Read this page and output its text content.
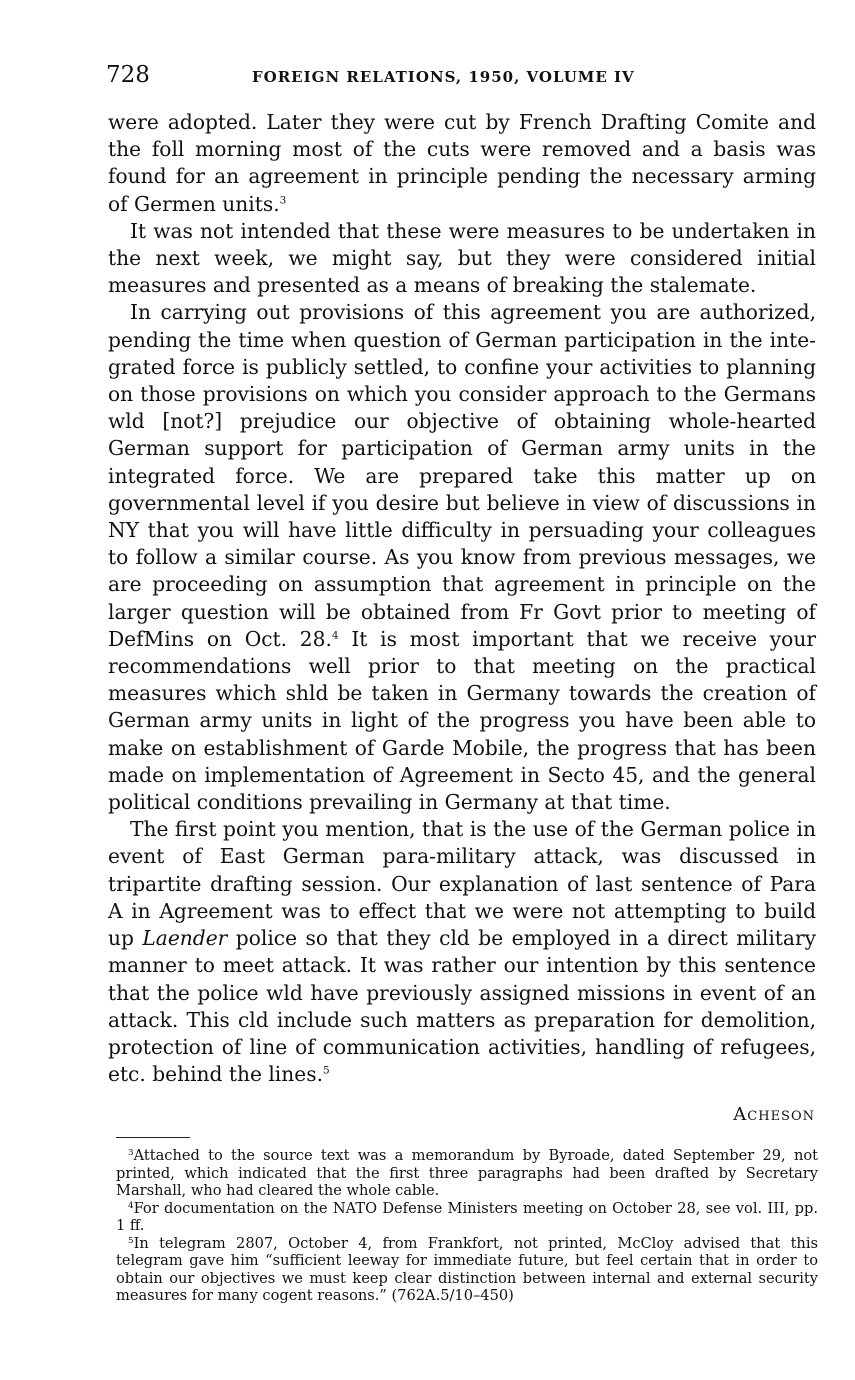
728	FOREIGN RELATIONS, 1950, VOLUME IV

were adopted. Later they were cut by French Drafting Comite and the foll morning most of the cuts were removed and a basis was found for an agreement in principle pending the necessary arming of Germen units.$^3$

It was not intended that these were measures to be undertaken in the next week, we might say, but they were considered initial measures and presented as a means of breaking the stalemate.

In carrying out provisions of this agreement you are authorized, pending the time when question of German participation in the integrated force is publicly settled, to confine your activities to planning on those provisions on which you consider approach to the Germans wld [not?] prejudice our objective of obtaining whole-hearted German support for participation of German army units in the integrated force. We are prepared take this matter up on governmental level if you desire but believe in view of discussions in NY that you will have little difficulty in persuading your colleagues to follow a similar course. As you know from previous messages, we are proceeding on assumption that agreement in principle on the larger question will be obtained from Fr Govt prior to meeting of DefMins on Oct. 28.$^4$ It is most important that we receive your recommendations well prior to that meeting on the practical measures which shld be taken in Germany towards the creation of German army units in light of the progress you have been able to make on establishment of Garde Mobile, the progress that has been made on implementation of Agreement in Secto 45, and the general political conditions prevailing in Germany at that time.

The first point you mention, that is the use of the German police in event of East German para-military attack, was discussed in tripartite drafting session. Our explanation of last sentence of Para A in Agreement was to effect that we were not attempting to build up Laender police so that they cld be employed in a direct military manner to meet attack. It was rather our intention by this sentence that the police wld have previously assigned missions in event of an attack. This cld include such matters as preparation for demolition, protection of line of communication activities, handling of refugees, etc. behind the lines.$^5$

Acheson

$^3$Attached to the source text was a memorandum by Byroade, dated September 29, not printed, which indicated that the first three paragraphs had been drafted by Secretary Marshall, who had cleared the whole cable.

$^4$For documentation on the NATO Defense Ministers meeting on October 28, see vol. III, pp. 1 ff.

$^5$In telegram 2807, October 4, from Frankfort, not printed, McCloy advised that this telegram gave him “sufficient leeway for immediate future, but feel certain that in order to obtain our objectives we must keep clear distinction between internal and external security measures for many cogent reasons.” (762A.5/10–450)
